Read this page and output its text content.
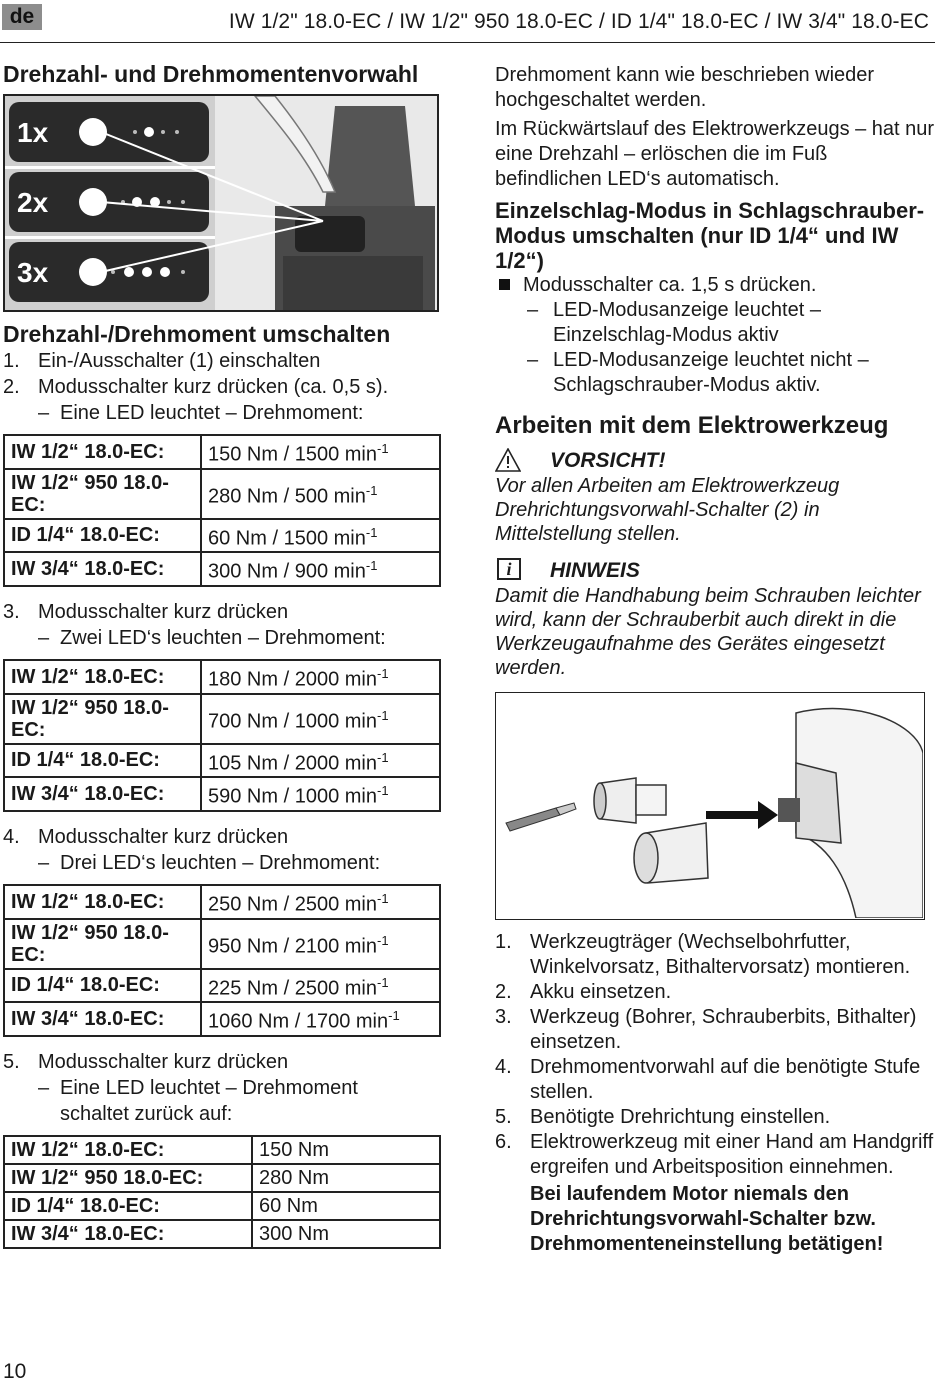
de	IW 1/2" 18.0-EC / IW 1/2" 950 18.0-EC / ID 1/4" 18.0-EC / IW 3/4" 18.0-EC
Drehzahl- und Drehmomentenvorwahl
1x
2x
3x
Drehzahl-/Drehmoment umschalten

1. Ein-/Ausschalter (1) einschalten

2. Modusschalter kurz drücken (ca. 0,5 s).

– Eine LED leuchtet – Drehmoment:

IW 1/2“ 18.0-EC:	150 Nm / 1500 $\min^{-1}$
IW 1/2“ 950 18.0-EC:	280 Nm / 500 $\min^{-1}$
ID 1/4“ 18.0-EC:	60 Nm / 1500 $\min^{-1}$
IW 3/4“ 18.0-EC:	300 Nm / 900 $\min^{-1}$

3. Modusschalter kurz drücken

– Zwei LED‘s leuchten – Drehmoment:

IW 1/2“ 18.0-EC:	180 Nm / 2000 $\min^{-1}$
IW 1/2“ 950 18.0-EC:	700 Nm / 1000 $\min^{-1}$
ID 1/4“ 18.0-EC:	105 Nm / 2000 $\min^{-1}$
IW 3/4“ 18.0-EC:	590 Nm / 1000 $\min^{-1}$

4. Modusschalter kurz drücken

– Drei LED‘s leuchten – Drehmoment:

IW 1/2“ 18.0-EC:	250 Nm / 2500 $\min^{-1}$
IW 1/2“ 950 18.0-EC:	950 Nm / 2100 $\min^{-1}$
ID 1/4“ 18.0-EC:	225 Nm / 2500 $\min^{-1}$
IW 3/4“ 18.0-EC:	1060 Nm / 1700 $\min^{-1}$

5. Modusschalter kurz drücken

– Eine LED leuchtet – Drehmoment

schaltet zurück auf:

IW 1/2“ 18.0-EC:	150 Nm
IW 1/2“ 950 18.0-EC:	280 Nm
ID 1/4“ 18.0-EC:	60 Nm
IW 3/4“ 18.0-EC:	300 Nm

Drehmoment kann wie beschrieben wieder hochgeschaltet werden.

Im Rückwärtslauf des Elektrowerkzeugs – hat nur eine Drehzahl – erlöschen die im Fuß befindlichen LED‘s automatisch.

Einzelschlag-Modus in Schlagschrauber-Modus umschalten (nur ID 1/4“ und IW 1/2“)
Modusschalter ca. 1,5 s drücken.
– LED-Modusanzeige leuchtet – Einzelschlag-Modus aktiv
– LED-Modusanzeige leuchtet nicht – Schlagschrauber-Modus aktiv.
Arbeiten mit dem Elektrowerkzeug
VORSICHT!

Vor allen Arbeiten am Elektrowerkzeug Drehrichtungsvorwahl-Schalter (2) in Mittelstellung stellen.

i	HINWEIS

Damit die Handhabung beim Schrauben leichter wird, kann der Schrauberbit auch direkt in die Werkzeugaufnahme des Gerätes eingesetzt werden.

1. Werkzeugträger (Wechselbohrfutter, Winkelvorsatz, Bithaltervorsatz) montieren.
2. Akku einsetzen.
3. Werkzeug (Bohrer, Schrauberbits, Bithalter) einsetzen.
4. Drehmomentvorwahl auf die benötigte Stufe stellen.
5. Benötigte Drehrichtung einstellen.
6. Elektrowerkzeug mit einer Hand am Handgriff ergreifen und Arbeitsposition einnehmen.
Bei laufendem Motor niemals den Drehrichtungsvorwahl-Schalter bzw. Drehmomenteneinstellung betätigen!
10
